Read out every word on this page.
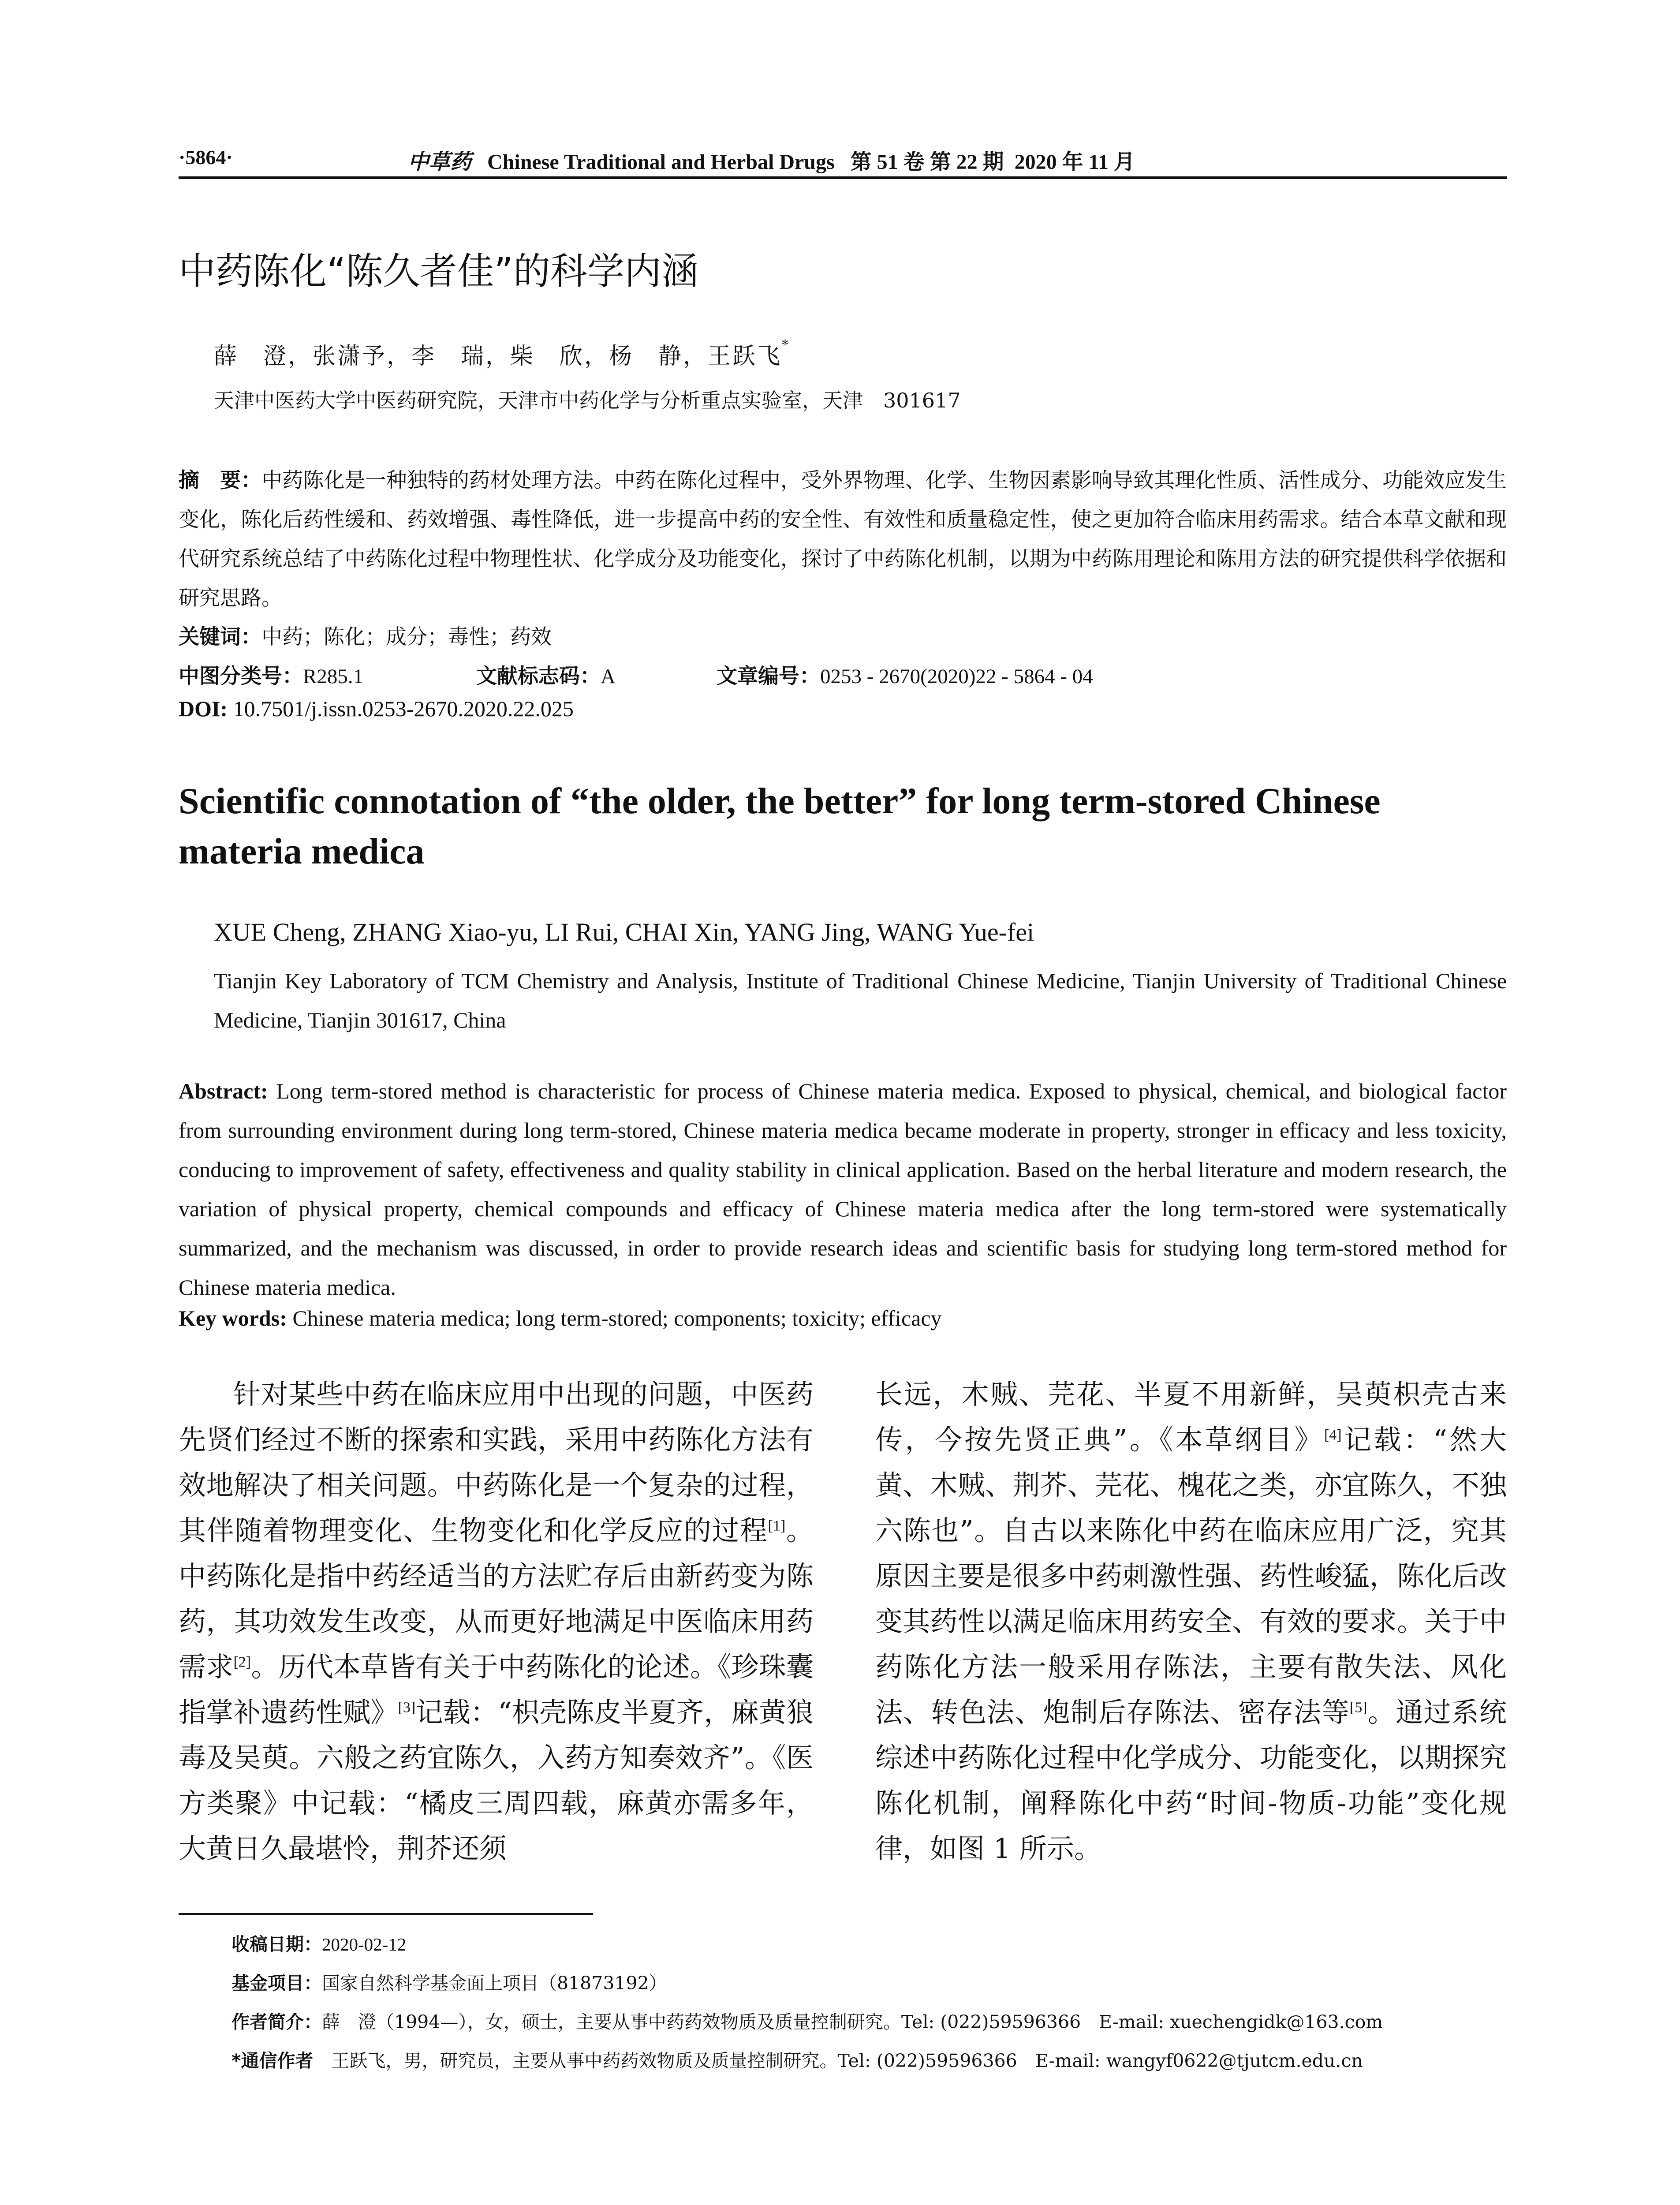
·5864·	中草药 Chinese Traditional and Herbal Drugs   第 51 卷 第 22 期  2020 年 11 月
中药陈化“陈久者佳”的科学内涵
薛　澄，张潇予，李　瑞，柴　欣，杨　静，王跃飞*
天津中医药大学中医药研究院，天津市中药化学与分析重点实验室，天津　301617
摘　要：中药陈化是一种独特的药材处理方法。中药在陈化过程中，受外界物理、化学、生物因素影响导致其理化性质、活性成分、功能效应发生变化，陈化后药性缓和、药效增强、毒性降低，进一步提高中药的安全性、有效性和质量稳定性，使之更加符合临床用药需求。结合本草文献和现代研究系统总结了中药陈化过程中物理性状、化学成分及功能变化，探讨了中药陈化机制，以期为中药陈用理论和陈用方法的研究提供科学依据和研究思路。
关键词：中药；陈化；成分；毒性；药效
中图分类号：R285.1	文献标志码：A	文章编号：0253 - 2670(2020)22 - 5864 - 04
DOI: 10.7501/j.issn.0253-2670.2020.22.025
Scientific connotation of “the older, the better” for long term-stored Chinese materia medica
XUE Cheng, ZHANG Xiao-yu, LI Rui, CHAI Xin, YANG Jing, WANG Yue-fei
Tianjin Key Laboratory of TCM Chemistry and Analysis, Institute of Traditional Chinese Medicine, Tianjin University of Traditional Chinese Medicine, Tianjin 301617, China
Abstract: Long term-stored method is characteristic for process of Chinese materia medica. Exposed to physical, chemical, and biological factor from surrounding environment during long term-stored, Chinese materia medica became moderate in property, stronger in efficacy and less toxicity, conducing to improvement of safety, effectiveness and quality stability in clinical application. Based on the herbal literature and modern research, the variation of physical property, chemical compounds and efficacy of Chinese materia medica after the long term-stored were systematically summarized, and the mechanism was discussed, in order to provide research ideas and scientific basis for studying long term-stored method for Chinese materia medica.
Key words: Chinese materia medica; long term-stored; components; toxicity; efficacy
针对某些中药在临床应用中出现的问题，中医药先贤们经过不断的探索和实践，采用中药陈化方法有效地解决了相关问题。中药陈化是一个复杂的过程，其伴随着物理变化、生物变化和化学反应的过程[1]。中药陈化是指中药经适当的方法贮存后由新药变为陈药，其功效发生改变，从而更好地满足中医临床用药需求[2]。历代本草皆有关于中药陈化的论述。《珍珠囊指掌补遗药性赋》[3]记载：“枳壳陈皮半夏齐，麻黄狼毒及吴萸。六般之药宜陈久，入药方知奏效齐”。《医方类聚》中记载：“橘皮三周四载，麻黄亦需多年，大黄日久最堪怜，荆芥还须
长远，木贼、芫花、半夏不用新鲜，吴萸枳壳古来传，今按先贤正典”。《本草纲目》[4]记载：“然大黄、木贼、荆芥、芫花、槐花之类，亦宜陈久，不独六陈也”。自古以来陈化中药在临床应用广泛，究其原因主要是很多中药刺激性强、药性峻猛，陈化后改变其药性以满足临床用药安全、有效的要求。关于中药陈化方法一般采用存陈法，主要有散失法、风化法、转色法、炮制后存陈法、密存法等[5]。通过系统综述中药陈化过程中化学成分、功能变化，以期探究陈化机制，阐释陈化中药“时间-物质-功能”变化规律，如图 1 所示。
收稿日期：2020-02-12
基金项目：国家自然科学基金面上项目（81873192）
作者简介：薛　澄（1994—），女，硕士，主要从事中药药效物质及质量控制研究。Tel: (022)59596366　E-mail: xuechengidk@163.com
*通信作者　王跃飞，男，研究员，主要从事中药药效物质及质量控制研究。Tel: (022)59596366　E-mail: wangyf0622@tjutcm.edu.cn
